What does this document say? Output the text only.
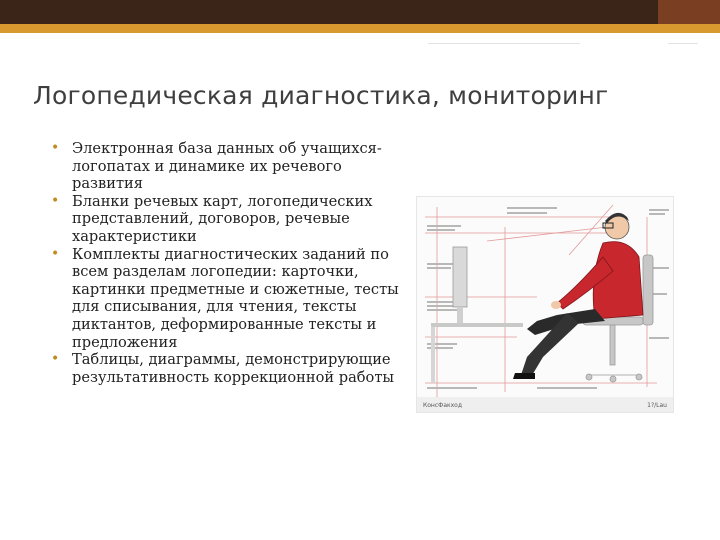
Логопедическая диагностика, мониторинг
• Электронная база данных об учащихся-логопатах и динамике их речевого развития
• Бланки речевых карт, логопедических представлений, договоров, речевые характеристики
• Комплекты диагностических заданий по всем разделам логопедии: карточки, картинки предметные и сюжетные, тесты для списывания, для чтения, тексты диктантов, деформированные тексты и предложения
• Таблицы, диаграммы, демонстрирующие результативность коррекционной работы
КонсФакход	1?/Lau
